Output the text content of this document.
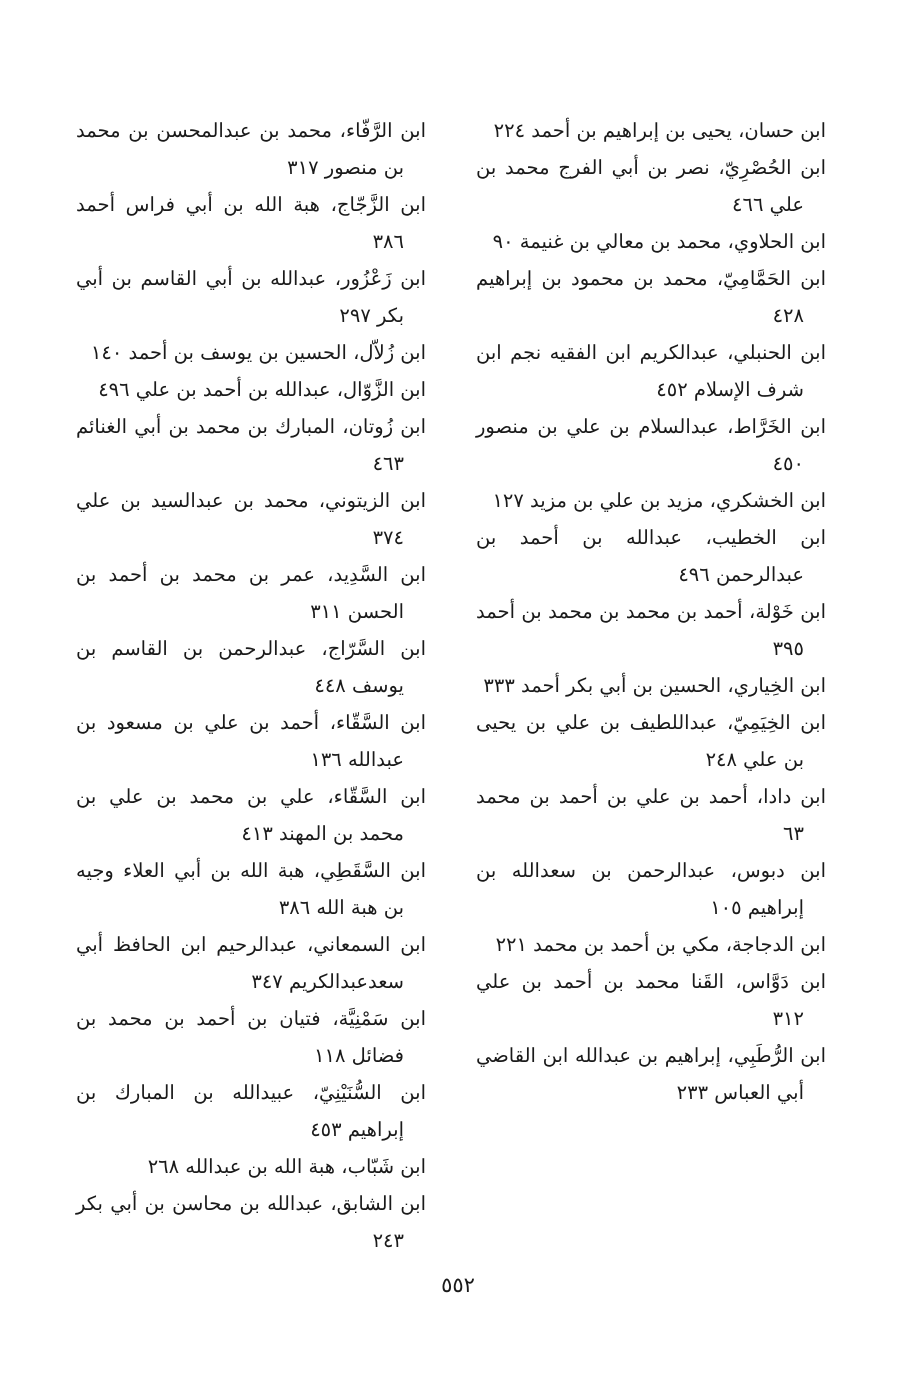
ابن حسان، يحيى بن إبراهيم بن أحمد ٢٢٤

ابن الحُصْرِيّ، نصر بن أبي الفرج محمد بن علي ٤٦٦

ابن الحلاوي، محمد بن معالي بن غنيمة ٩٠

ابن الحَمَّامِيّ، محمد بن محمود بن إبراهيم ٤٢٨

ابن الحنبلي، عبدالكريم ابن الفقيه نجم ابن شرف الإسلام ٤٥٢

ابن الخَرَّاط، عبدالسلام بن علي بن منصور ٤٥٠

ابن الخشكري، مزيد بن علي بن مزيد ١٢٧

ابن الخطيب، عبدالله بن أحمد بن عبدالرحمن ٤٩٦

ابن خَوْلة، أحمد بن محمد بن محمد بن أحمد ٣٩٥

ابن الخِياري، الحسين بن أبي بكر أحمد ٣٣٣

ابن الخِيَمِيّ، عبداللطيف بن علي بن يحيى بن علي ٢٤٨

ابن دادا، أحمد بن علي بن أحمد بن محمد ٦٣

ابن دبوس، عبدالرحمن بن سعدالله بن إبراهيم ١٠٥

ابن الدجاجة، مكي بن أحمد بن محمد ٢٢١

ابن دَوَّاس، القَنا محمد بن أحمد بن علي ٣١٢

ابن الرُّطَبِي، إبراهيم بن عبدالله ابن القاضي أبي العباس ٢٣٣

ابن الرَّفّاء، محمد بن عبدالمحسن بن محمد بن منصور ٣١٧

ابن الزَّجّاج، هبة الله بن أبي فراس أحمد ٣٨٦

ابن زَعْزُور، عبدالله بن أبي القاسم بن أبي بكر ٢٩٧

ابن زُلاّل، الحسين بن يوسف بن أحمد ١٤٠

ابن الزَّوّال، عبدالله بن أحمد بن علي ٤٩٦

ابن زُوتان، المبارك بن محمد بن أبي الغنائم ٤٦٣

ابن الزيتوني، محمد بن عبدالسيد بن علي ٣٧٤

ابن السَّدِيد، عمر بن محمد بن أحمد بن الحسن ٣١١

ابن السَّرّاج، عبدالرحمن بن القاسم بن يوسف ٤٤٨

ابن السَّقّاء، أحمد بن علي بن مسعود بن عبدالله ١٣٦

ابن السَّقّاء، علي بن محمد بن علي بن محمد بن المهند ٤١٣

ابن السَّقَطِي، هبة الله بن أبي العلاء وجيه بن هبة الله ٣٨٦

ابن السمعاني، عبدالرحيم ابن الحافظ أبي سعدعبدالكريم ٣٤٧

ابن سَمْنِيَّة، فتيان بن أحمد بن محمد بن فضائل ١١٨

ابن السُّنَيْنِيّ، عبيدالله بن المبارك بن إبراهيم ٤٥٣

ابن شَبّاب، هبة الله بن عبدالله ٢٦٨

ابن الشابق، عبدالله بن محاسن بن أبي بكر ٢٤٣

٥٥٢
